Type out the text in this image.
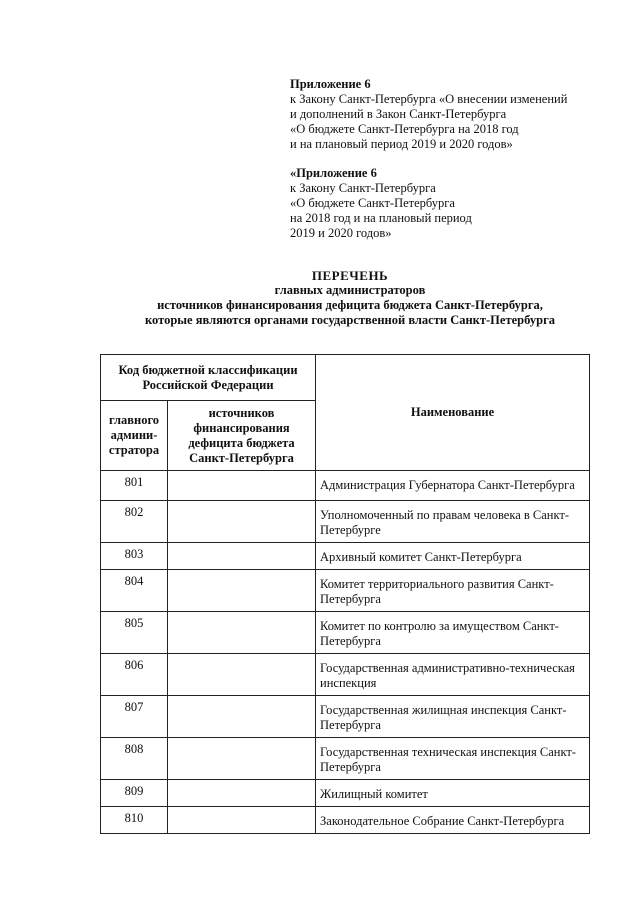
Приложение 6
к Закону Санкт-Петербурга «О внесении изменений
и дополнений в Закон Санкт-Петербурга
«О бюджете Санкт-Петербурга на 2018 год
и на плановый период 2019 и 2020 годов»
«Приложение 6
к Закону Санкт-Петербурга
«О бюджете Санкт-Петербурга
на 2018 год и на плановый период
2019 и 2020 годов»
ПЕРЕЧЕНЬ
главных администраторов
источников финансирования дефицита бюджета Санкт-Петербурга,
которые являются органами государственной власти Санкт-Петербурга
Код бюджетной классификации Российской Федерации		Наименование
главного админи-стратора	источников финансирования дефицита бюджета Санкт-Петербурга	
801		Администрация Губернатора Санкт-Петербурга
802		Уполномоченный по правам человека в Санкт-Петербурге
803		Архивный комитет Санкт-Петербурга
804		Комитет территориального развития Санкт-Петербурга
805		Комитет по контролю за имуществом Санкт-Петербурга
806		Государственная административно-техническая инспекция
807		Государственная жилищная инспекция Санкт-Петербурга
808		Государственная техническая инспекция Санкт-Петербурга
809		Жилищный комитет
810		Законодательное Собрание Санкт-Петербурга
